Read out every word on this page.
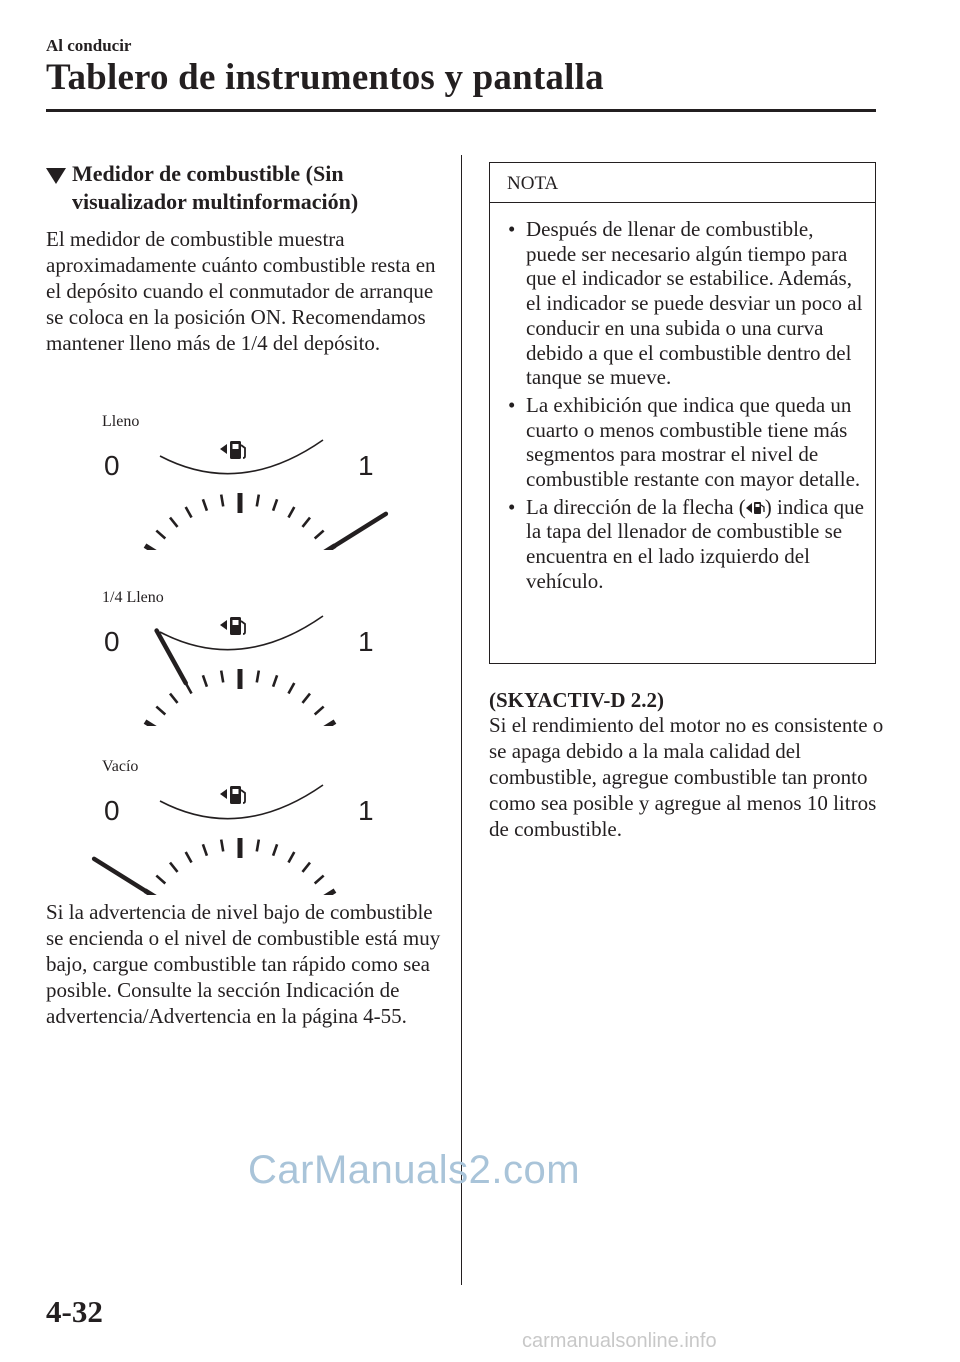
Al conducir
Tablero de instrumentos y pantalla
Medidor de combustible (Sin visualizador multinformación)
El medidor de combustible muestra aproximadamente cuánto combustible resta en el depósito cuando el conmutador de arranque se coloca en la posición ON. Recomendamos mantener lleno más de 1/4 del depósito.
Lleno
0	1
1/4 Lleno
0	1
Vacío
0	1
Si la advertencia de nivel bajo de combustible se encienda o el nivel de combustible está muy bajo, cargue combustible tan rápido como sea posible. Consulte la sección Indicación de advertencia/Advertencia en la página 4-55.
NOTA
• Después de llenar de combustible, puede ser necesario algún tiempo para que el indicador se estabilice. Además, el indicador se puede desviar un poco al conducir en una subida o una curva debido a que el combustible dentro del tanque se mueve.
• La exhibición que indica que queda un cuarto o menos combustible tiene más segmentos para mostrar el nivel de combustible restante con mayor detalle.
• La dirección de la flecha ( ) indica que la tapa del llenador de combustible se encuentra en el lado izquierdo del vehículo.
(SKYACTIV-D 2.2)
Si el rendimiento del motor no es consistente o se apaga debido a la mala calidad del combustible, agregue combustible tan pronto como sea posible y agregue al menos 10 litros de combustible.
CarManuals2.com
4-32
carmanualsonline.info
